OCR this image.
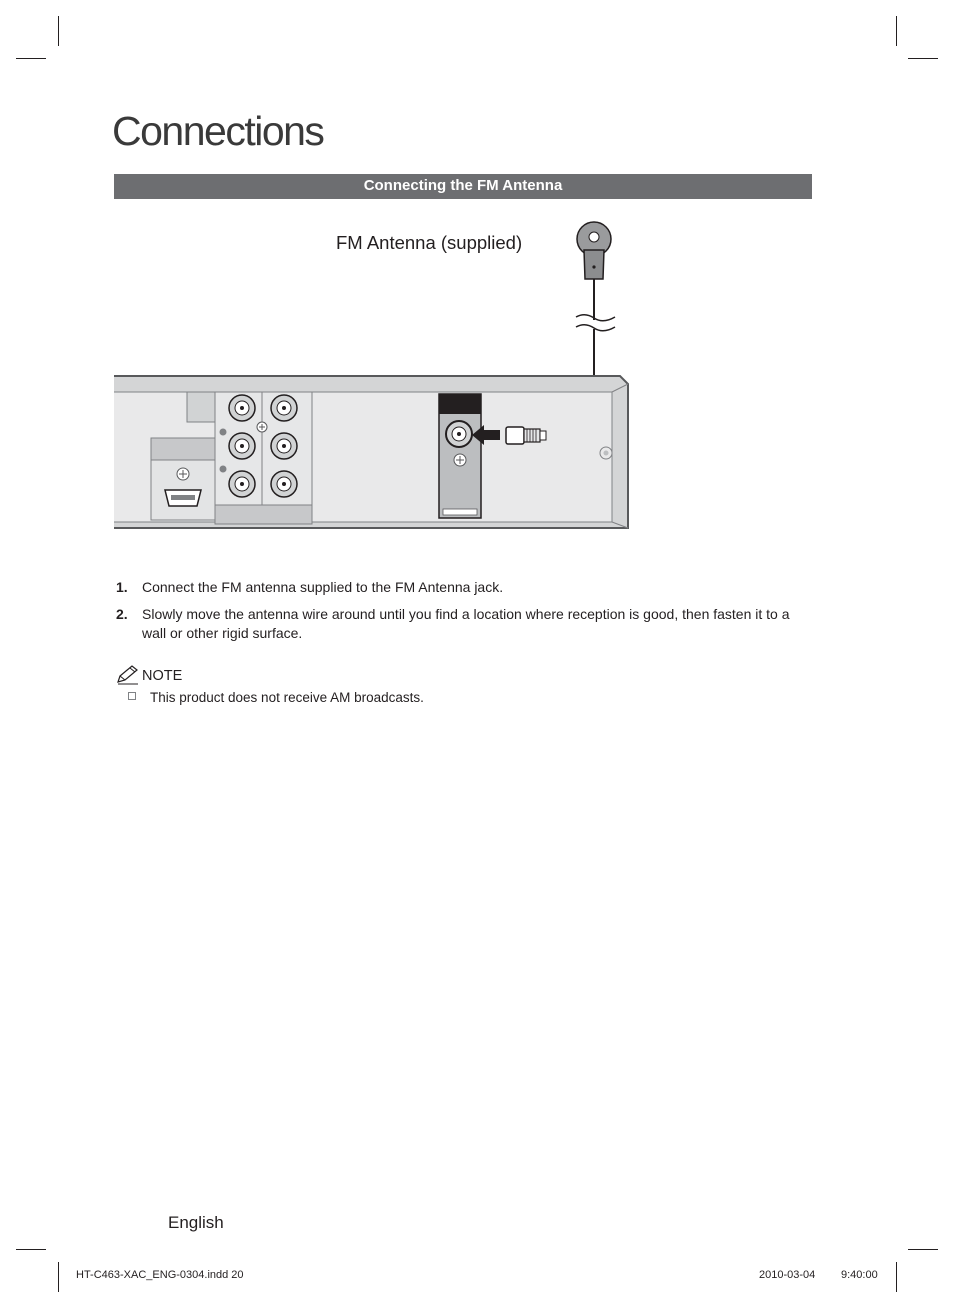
Connections
Connecting the FM Antenna
FM Antenna (supplied)
1. Connect the FM antenna supplied to the FM Antenna jack.
2. Slowly move the antenna wire around until you find a location where reception is good, then fasten it to a wall or other rigid surface.
NOTE
This product does not receive AM broadcasts.
English
HT-C463-XAC_ENG-0304.indd 20	2010-03-04 9:40:00
